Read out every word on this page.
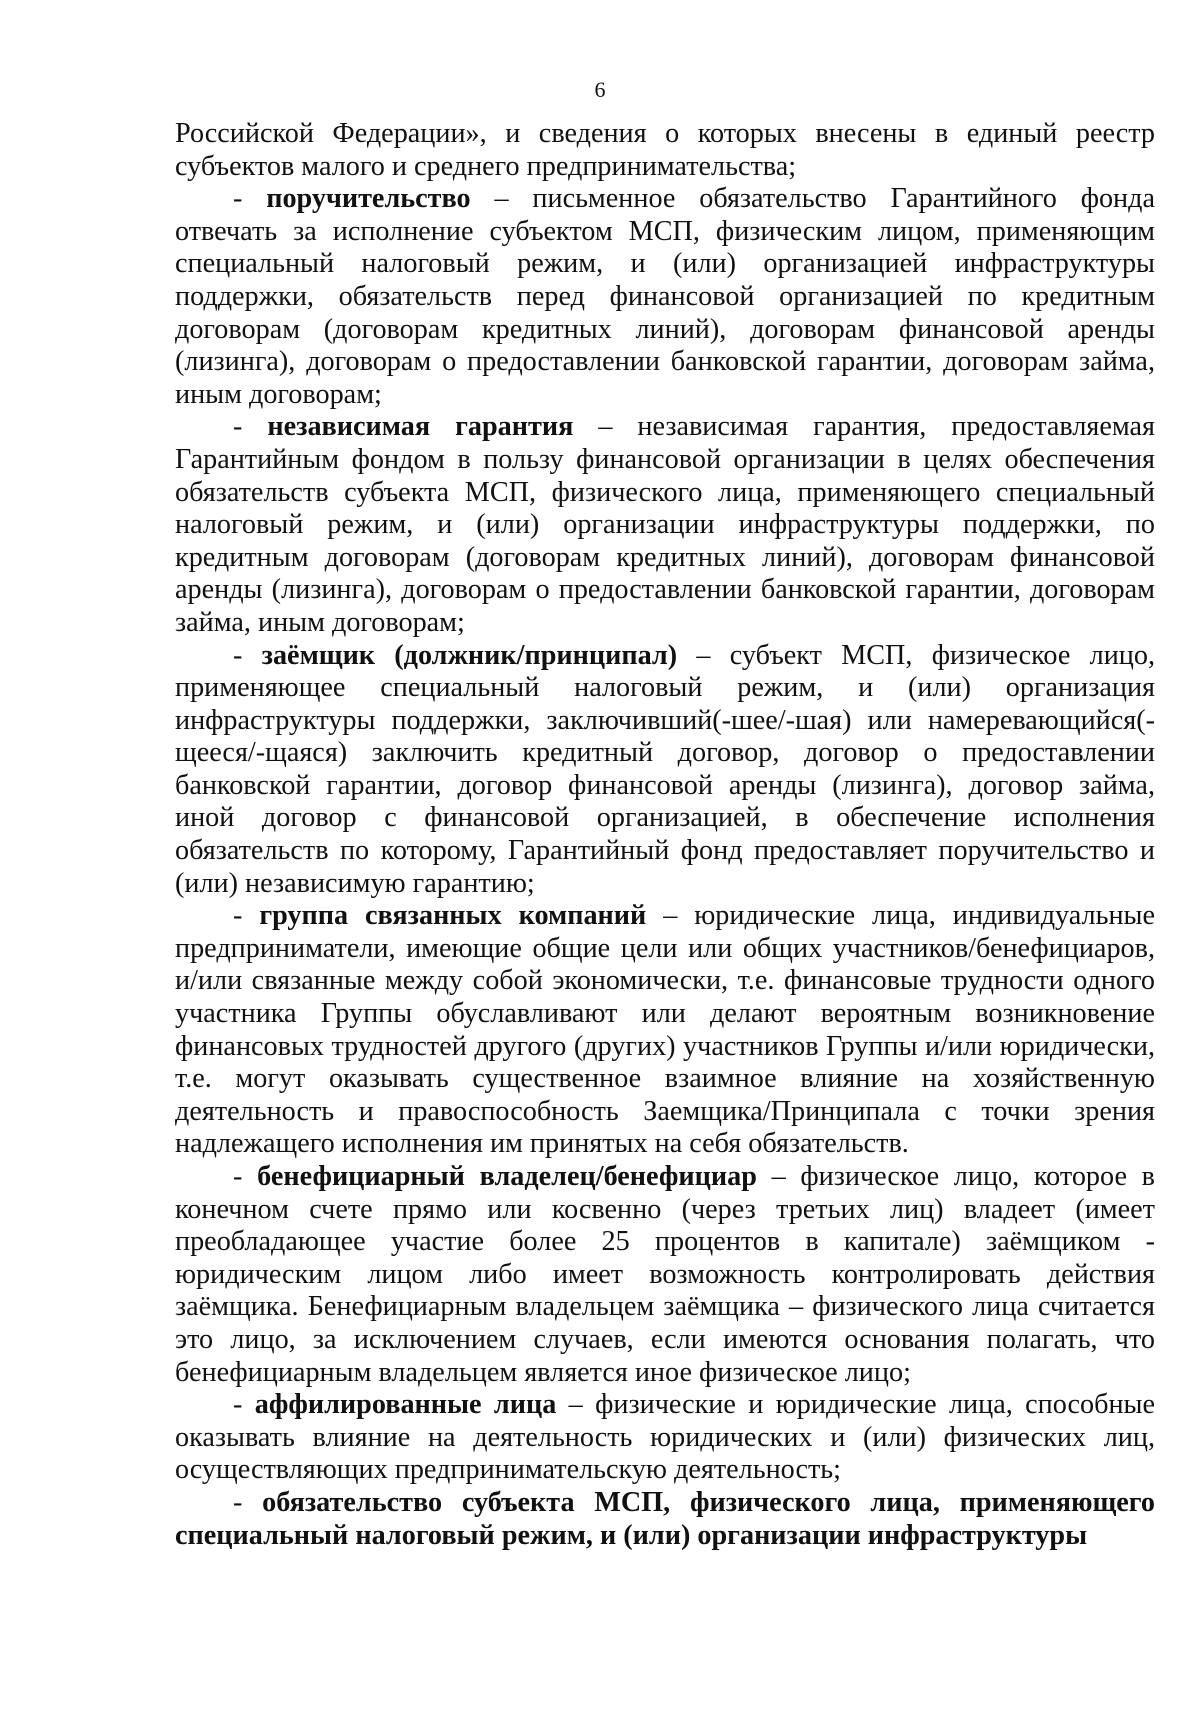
6

Российской Федерации», и сведения о которых внесены в единый реестр субъектов малого и среднего предпринимательства;

- поручительство – письменное обязательство Гарантийного фонда отвечать за исполнение субъектом МСП, физическим лицом, применяющим специальный налоговый режим, и (или) организацией инфраструктуры поддержки, обязательств перед финансовой организацией по кредитным договорам (договорам кредитных линий), договорам финансовой аренды (лизинга), договорам о предоставлении банковской гарантии, договорам займа, иным договорам;

- независимая гарантия – независимая гарантия, предоставляемая Гарантийным фондом в пользу финансовой организации в целях обеспечения обязательств субъекта МСП, физического лица, применяющего специальный налоговый режим, и (или) организации инфраструктуры поддержки, по кредитным договорам (договорам кредитных линий), договорам финансовой аренды (лизинга), договорам о предоставлении банковской гарантии, договорам займа, иным договорам;

- заёмщик (должник/принципал) – субъект МСП, физическое лицо, применяющее специальный налоговый режим, и (или) организация инфраструктуры поддержки, заключивший(-шее/-шая) или намеревающийся(-щееся/-щаяся) заключить кредитный договор, договор о предоставлении банковской гарантии, договор финансовой аренды (лизинга), договор займа, иной договор с финансовой организацией, в обеспечение исполнения обязательств по которому, Гарантийный фонд предоставляет поручительство и (или) независимую гарантию;

- группа связанных компаний – юридические лица, индивидуальные предприниматели, имеющие общие цели или общих участников/бенефициаров, и/или связанные между собой экономически, т.е. финансовые трудности одного участника Группы обуславливают или делают вероятным возникновение финансовых трудностей другого (других) участников Группы и/или юридически, т.е. могут оказывать существенное взаимное влияние на хозяйственную деятельность и правоспособность Заемщика/Принципала с точки зрения надлежащего исполнения им принятых на себя обязательств.

- бенефициарный владелец/бенефициар – физическое лицо, которое в конечном счете прямо или косвенно (через третьих лиц) владеет (имеет преобладающее участие более 25 процентов в капитале) заёмщиком - юридическим лицом либо имеет возможность контролировать действия заёмщика. Бенефициарным владельцем заёмщика – физического лица считается это лицо, за исключением случаев, если имеются основания полагать, что бенефициарным владельцем является иное физическое лицо;

- аффилированные лица – физические и юридические лица, способные оказывать влияние на деятельность юридических и (или) физических лиц, осуществляющих предпринимательскую деятельность;

- обязательство субъекта МСП, физического лица, применяющего специальный налоговый режим, и (или) организации инфраструктуры
